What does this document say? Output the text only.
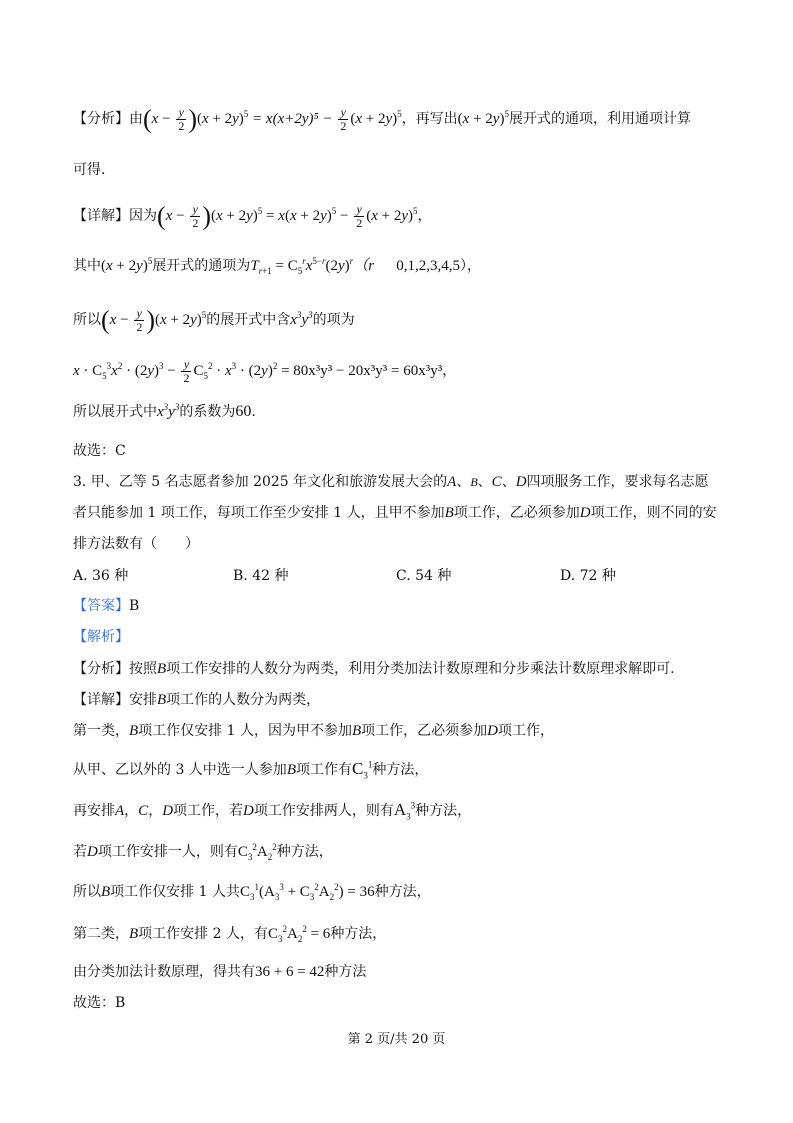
【分析】由$(x - \frac{y}{2} )(x + 2y)^5 = x(x+2y)^5 - \frac{y}{2} (x + 2y)^5$，再写出$(x + 2y)^5$展开式的通项，利用通项计算
可得.
【详解】因为$(x - \frac{y}{2} )(x + 2y)^5 = x(x + 2y)^5 - \frac{y}{2} (x + 2y)^5$，
其中$(x + 2y)^5$展开式的通项为$T_{r+1} = C_5^rx^{5-r}(2y)^r(r$ 0,1,2,3,4,5），
所以$(x - \frac{y}{2} )(x + 2y)^5$的展开式中含$x^3y^3$的项为
$x \cdot C_5^3x^2 \cdot (2y)^3 - \frac{y}{2} C_5^2 \cdot x^3 \cdot (2y)^2 = 80x^3y^3 - 20x^3y^3 = 60x^3y^3$，
所以展开式中$x^3y^3$的系数为60.
故选：C
3. 甲、乙等 5 名志愿者参加 2025 年文化和旅游发展大会的A、B、C、D四项服务工作，要求每名志愿
者只能参加 1 项工作，每项工作至少安排 1 人，且甲不参加B项工作，乙必须参加D项工作，则不同的安
排方法数有（　　）
A. 36 种	B. 42 种	C. 54 种	D. 72 种
【答案】B
【解析】
【分析】按照B项工作安排的人数分为两类，利用分类加法计数原理和分步乘法计数原理求解即可.
【详解】安排B项工作的人数分为两类，
第一类，B项工作仅安排 1 人，因为甲不参加B项工作，乙必须参加D项工作，
从甲、乙以外的 3 人中选一人参加B项工作有$C_3^1$种方法，
再安排A，C，D项工作，若D项工作安排两人，则有$A_3^3$种方法，
若D项工作安排一人，则有$C_3^2A_2^2$种方法，
所以B项工作仅安排 1 人共$C_3^1(A_3^3 + C_3^2A_2^2) = 36$种方法，
第二类，B项工作安排 2 人，有$C_3^2A_2^2 = 6$种方法，
由分类加法计数原理，得共有36 + 6 = 42种方法
故选：B
第 2 页/共 20 页
